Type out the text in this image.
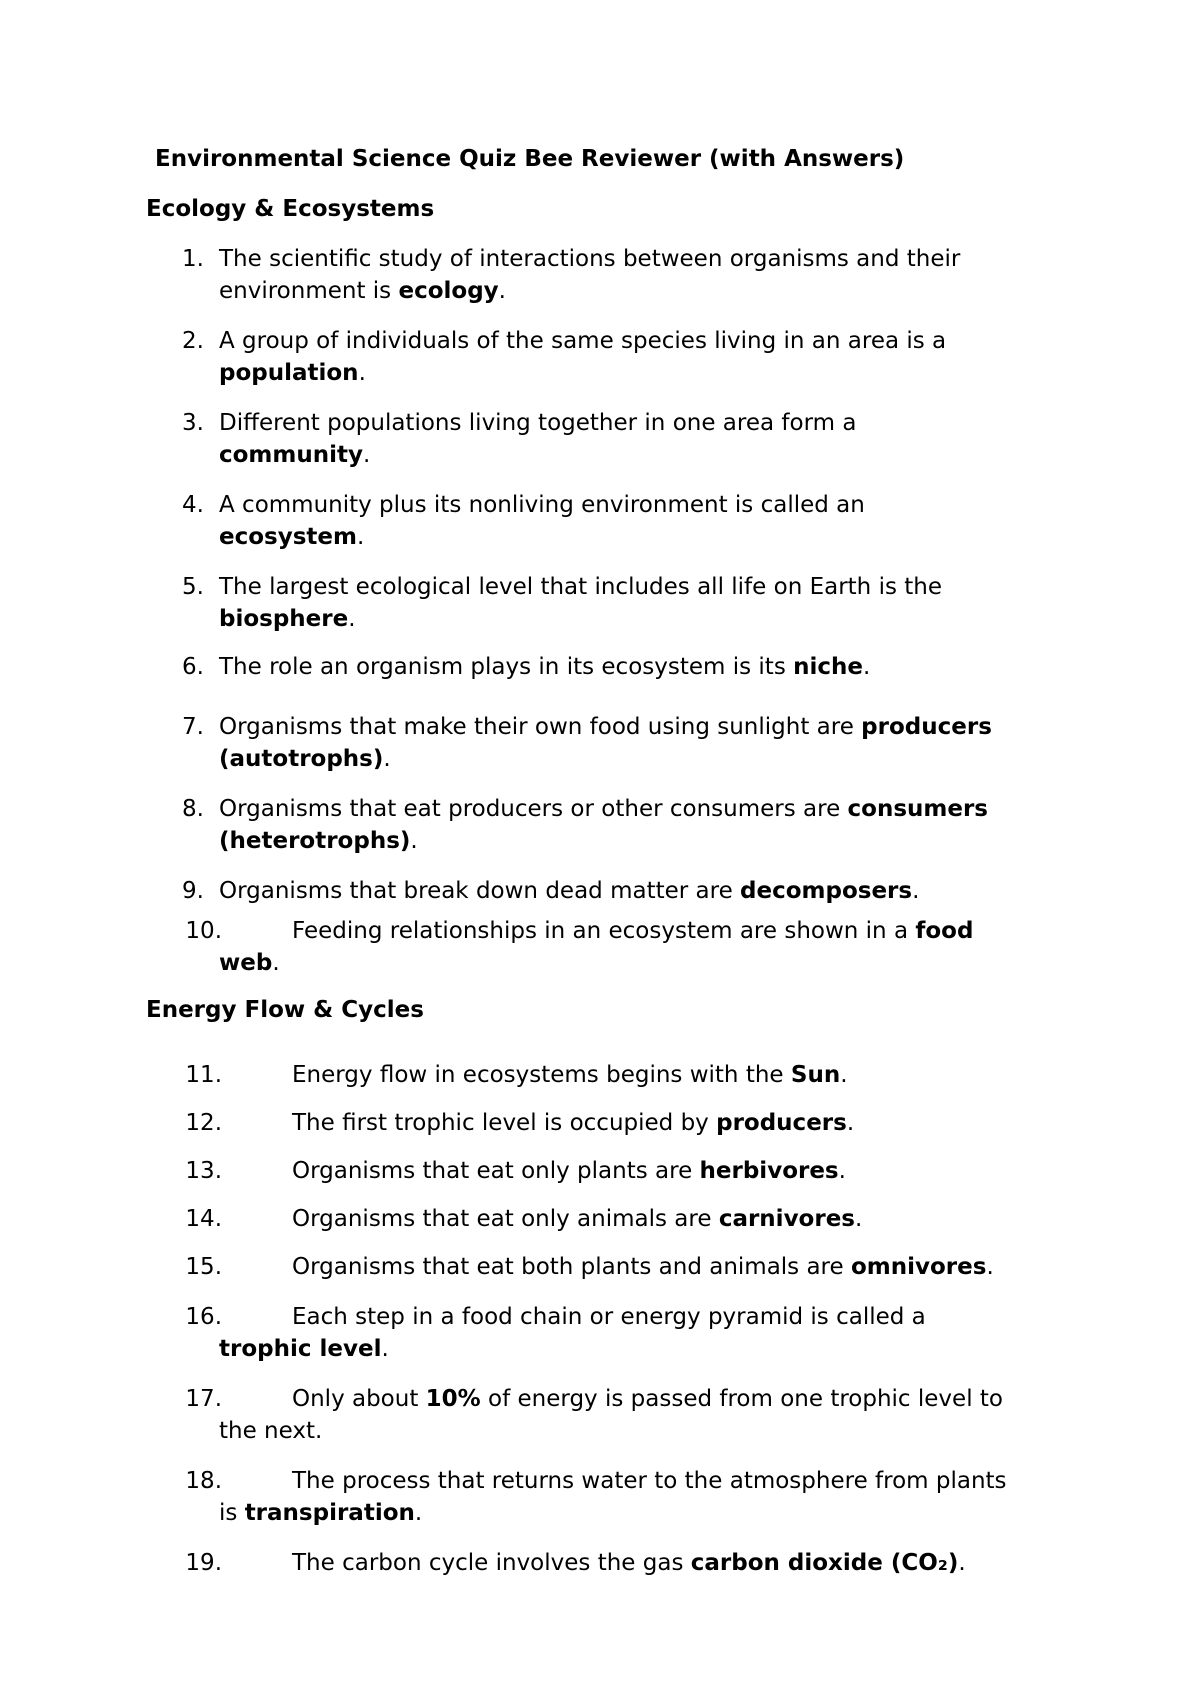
Environmental Science Quiz Bee Reviewer (with Answers)
Ecology & Ecosystems
1. The scientific study of interactions between organisms and their
environment is ecology.
2. A group of individuals of the same species living in an area is a
population.
3. Different populations living together in one area form a
community.
4. A community plus its nonliving environment is called an
ecosystem.
5. The largest ecological level that includes all life on Earth is the
biosphere.
6. The role an organism plays in its ecosystem is its niche.
7. Organisms that make their own food using sunlight are producers
(autotrophs).
8. Organisms that eat producers or other consumers are consumers
(heterotrophs).
9. Organisms that break down dead matter are decomposers.
10.	Feeding relationships in an ecosystem are shown in a food
web.
Energy Flow & Cycles
11.	Energy flow in ecosystems begins with the Sun.
12.	The first trophic level is occupied by producers.
13.	Organisms that eat only plants are herbivores.
14.	Organisms that eat only animals are carnivores.
15.	Organisms that eat both plants and animals are omnivores.
16.	Each step in a food chain or energy pyramid is called a
trophic level.
17.	Only about 10% of energy is passed from one trophic level to
the next.
18.	The process that returns water to the atmosphere from plants
is transpiration.
19.	The carbon cycle involves the gas carbon dioxide (CO₂).
